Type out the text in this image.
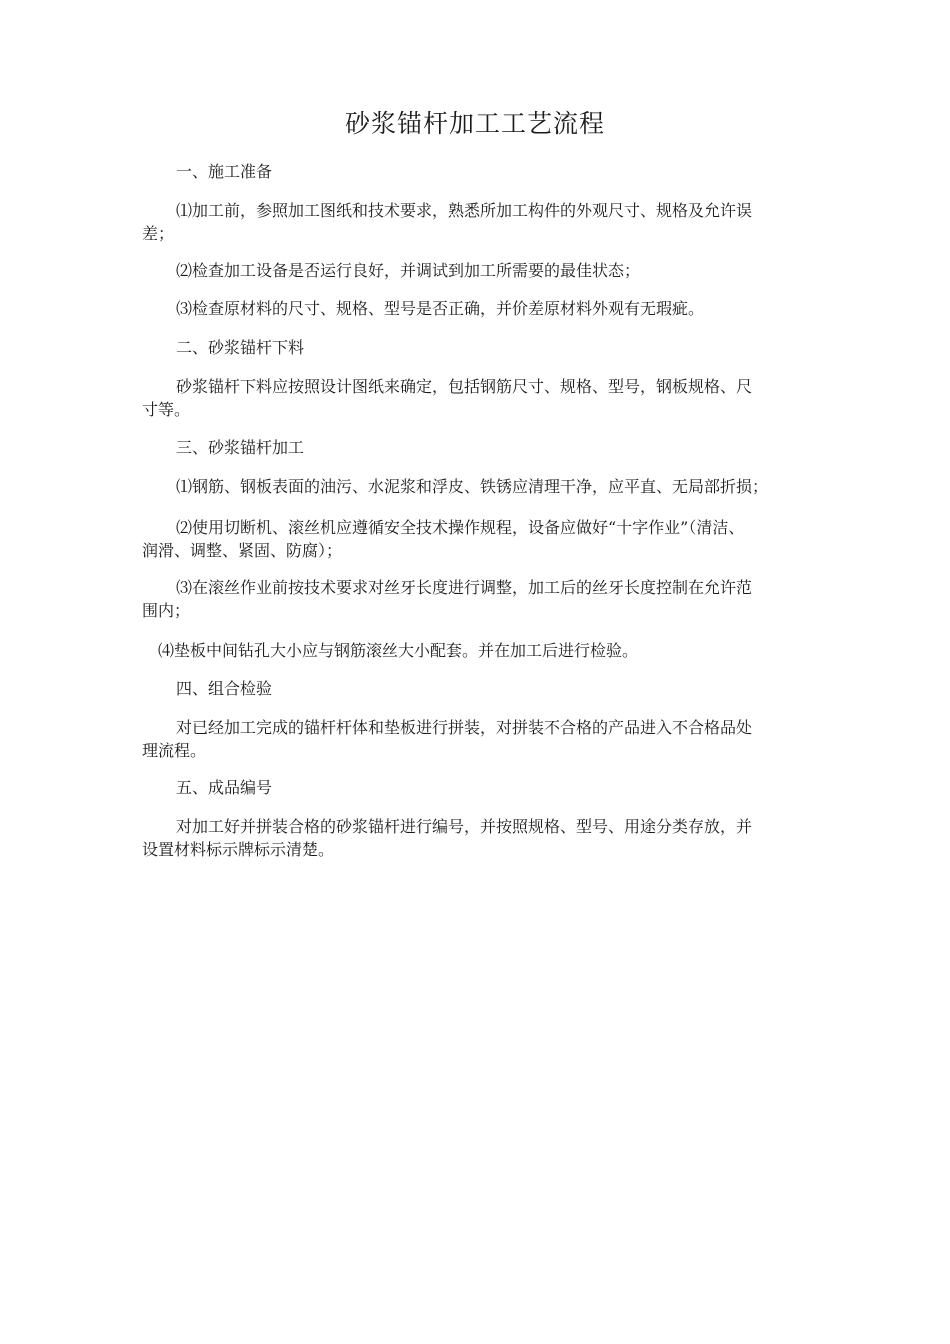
砂浆锚杆加工工艺流程

一、施工准备

⑴加工前，参照加工图纸和技术要求，熟悉所加工构件的外观尺寸、规格及允许误

差；

⑵检查加工设备是否运行良好，并调试到加工所需要的最佳状态；

⑶检查原材料的尺寸、规格、型号是否正确，并价差原材料外观有无瑕疵。

二、砂浆锚杆下料

砂浆锚杆下料应按照设计图纸来确定，包括钢筋尺寸、规格、型号，钢板规格、尺

寸等。

三、砂浆锚杆加工

⑴钢筋、钢板表面的油污、水泥浆和浮皮、铁锈应清理干净，应平直、无局部折损；

⑵使用切断机、滚丝机应遵循安全技术操作规程，设备应做好“十字作业”（清洁、

润滑、调整、紧固、防腐）；

⑶在滚丝作业前按技术要求对丝牙长度进行调整，加工后的丝牙长度控制在允许范

围内；

⑷垫板中间钻孔大小应与钢筋滚丝大小配套。并在加工后进行检验。

四、组合检验

对已经加工完成的锚杆杆体和垫板进行拼装，对拼装不合格的产品进入不合格品处

理流程。

五、成品编号

对加工好并拼装合格的砂浆锚杆进行编号，并按照规格、型号、用途分类存放，并

设置材料标示牌标示清楚。
